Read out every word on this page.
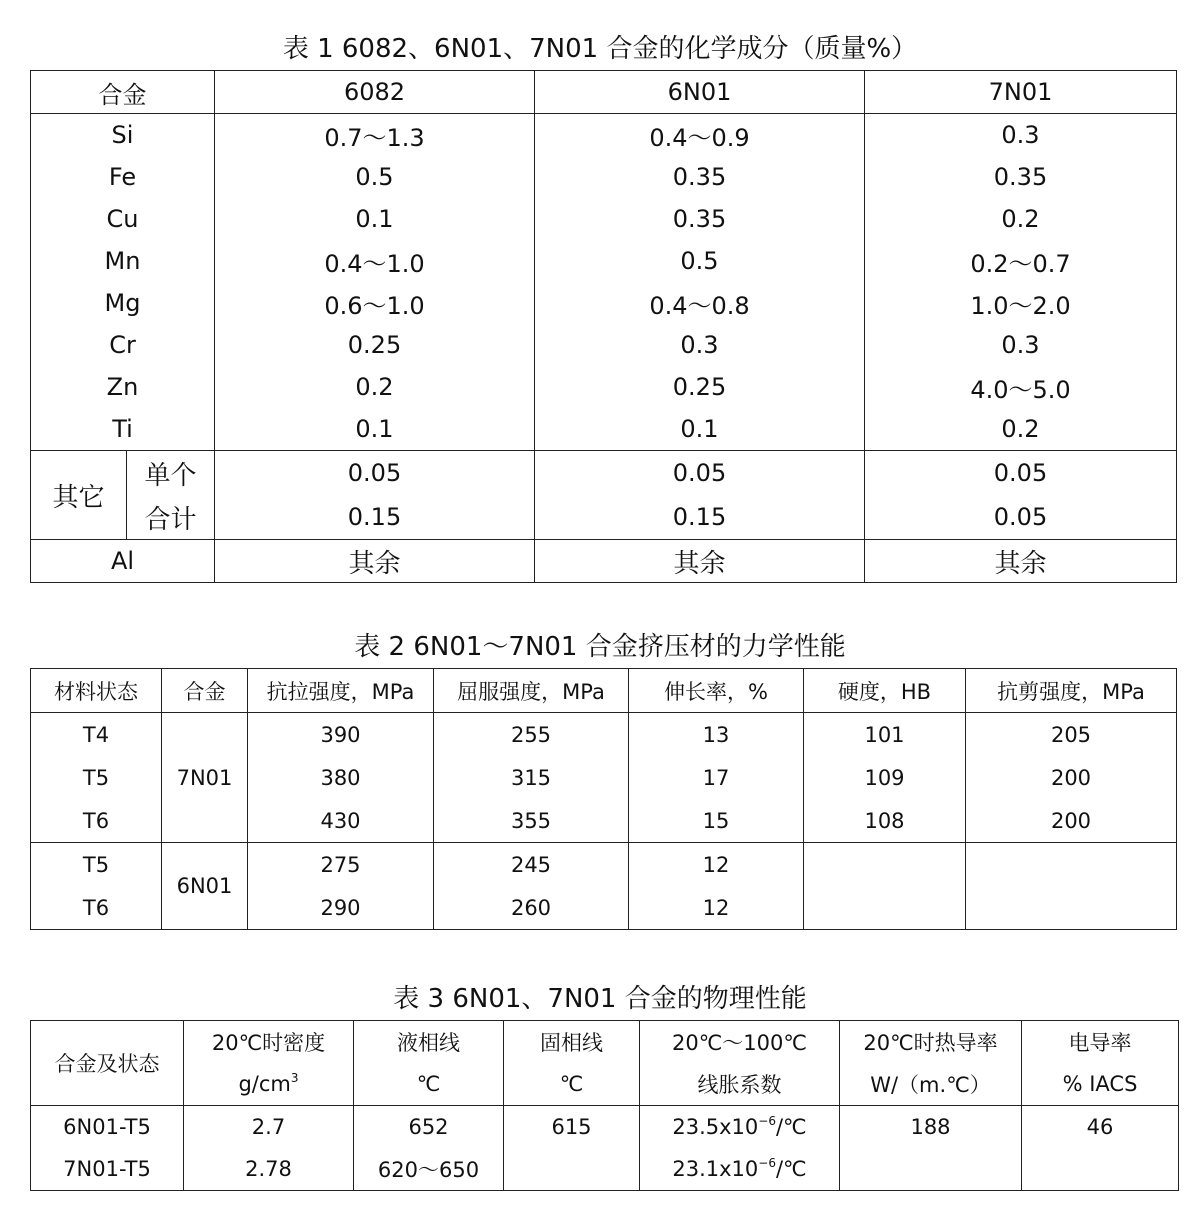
表 1 6082、6N01、7N01 合金的化学成分（质量%）
合金		6082	6N01	7N01
Si		0.7～1.3	0.4～0.9	0.3
Fe		0.5	0.35	0.35
Cu		0.1	0.35	0.2
Mn		0.4～1.0	0.5	0.2～0.7
Mg		0.6～1.0	0.4～0.8	1.0～2.0
Cr		0.25	0.3	0.3
Zn		0.2	0.25	4.0～5.0
Ti		0.1	0.1	0.2
其它	单个	0.05	0.05	0.05
	合计	0.15	0.15	0.05
Al		其余	其余	其余
表 2 6N01～7N01 合金挤压材的力学性能
材料状态	合金	抗拉强度，MPa	屈服强度，MPa	伸长率，%	硬度，HB	抗剪强度，MPa
T4	7N01	390	255	13	101	205
T5		380	315	17	109	200
T6		430	355	15	108	200
T5	6N01	275	245	12		
T6		290	260	12		
表 3 6N01、7N01 合金的物理性能
合金及状态	20℃时密度	液相线	固相线	20℃～100℃	20℃时热导率	电导率
	$g/cm^3$	℃	℃	线胀系数	W/（m.℃）	% IACS
6N01-T5	2.7	652	615	$23.5x10^{-6}/℃$	188	46
7N01-T5	2.78	620～650		$23.1x10^{-6}/℃$		
